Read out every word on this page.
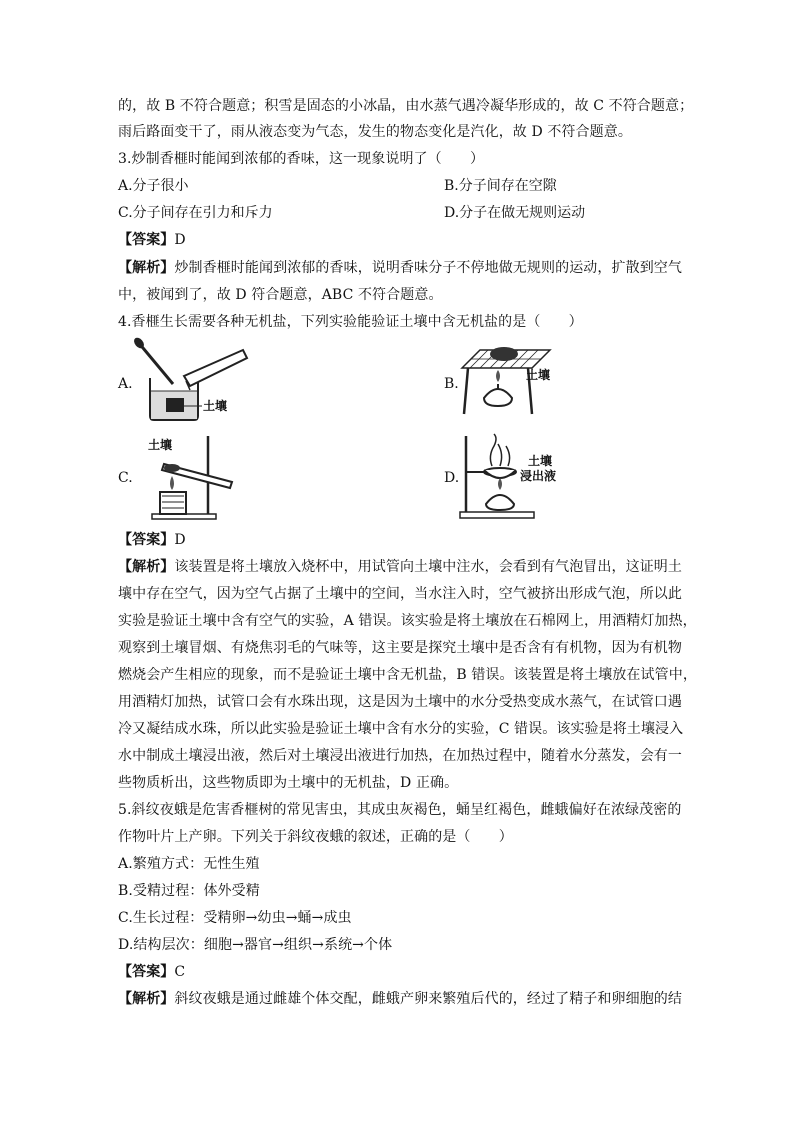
的，故 B 不符合题意；积雪是固态的小冰晶，由水蒸气遇冷凝华形成的，故 C 不符合题意；
雨后路面变干了，雨从液态变为气态，发生的物态变化是汽化，故 D 不符合题意。
3.炒制香榧时能闻到浓郁的香味，这一现象说明了（　　）
A.分子很小	B.分子间存在空隙
C.分子间存在引力和斥力	D.分子在做无规则运动
【答案】D
【解析】炒制香榧时能闻到浓郁的香味，说明香味分子不停地做无规则的运动，扩散到空气
中，被闻到了，故 D 符合题意，ABC 不符合题意。
4.香榧生长需要各种无机盐，下列实验能验证土壤中含无机盐的是（　　）
A.
土壤
B.
土壤
C.
土壤
D.
土壤
浸出液
【答案】D
【解析】该装置是将土壤放入烧杯中，用试管向土壤中注水，会看到有气泡冒出，这证明土
壤中存在空气，因为空气占据了土壤中的空间，当水注入时，空气被挤出形成气泡，所以此
实验是验证土壤中含有空气的实验，A 错误。该实验是将土壤放在石棉网上，用酒精灯加热，
观察到土壤冒烟、有烧焦羽毛的气味等，这主要是探究土壤中是否含有有机物，因为有机物
燃烧会产生相应的现象，而不是验证土壤中含无机盐，B 错误。该装置是将土壤放在试管中，
用酒精灯加热，试管口会有水珠出现，这是因为土壤中的水分受热变成水蒸气，在试管口遇
冷又凝结成水珠，所以此实验是验证土壤中含有水分的实验，C 错误。该实验是将土壤浸入
水中制成土壤浸出液，然后对土壤浸出液进行加热，在加热过程中，随着水分蒸发，会有一
些物质析出，这些物质即为土壤中的无机盐，D 正确。
5.斜纹夜蛾是危害香榧树的常见害虫，其成虫灰褐色，蛹呈红褐色，雌蛾偏好在浓绿茂密的
作物叶片上产卵。下列关于斜纹夜蛾的叙述，正确的是（　　）
A.繁殖方式：无性生殖
B.受精过程：体外受精
C.生长过程：受精卵→幼虫→蛹→成虫
D.结构层次：细胞→器官→组织→系统→个体
【答案】C
【解析】斜纹夜蛾是通过雌雄个体交配，雌蛾产卵来繁殖后代的，经过了精子和卵细胞的结
